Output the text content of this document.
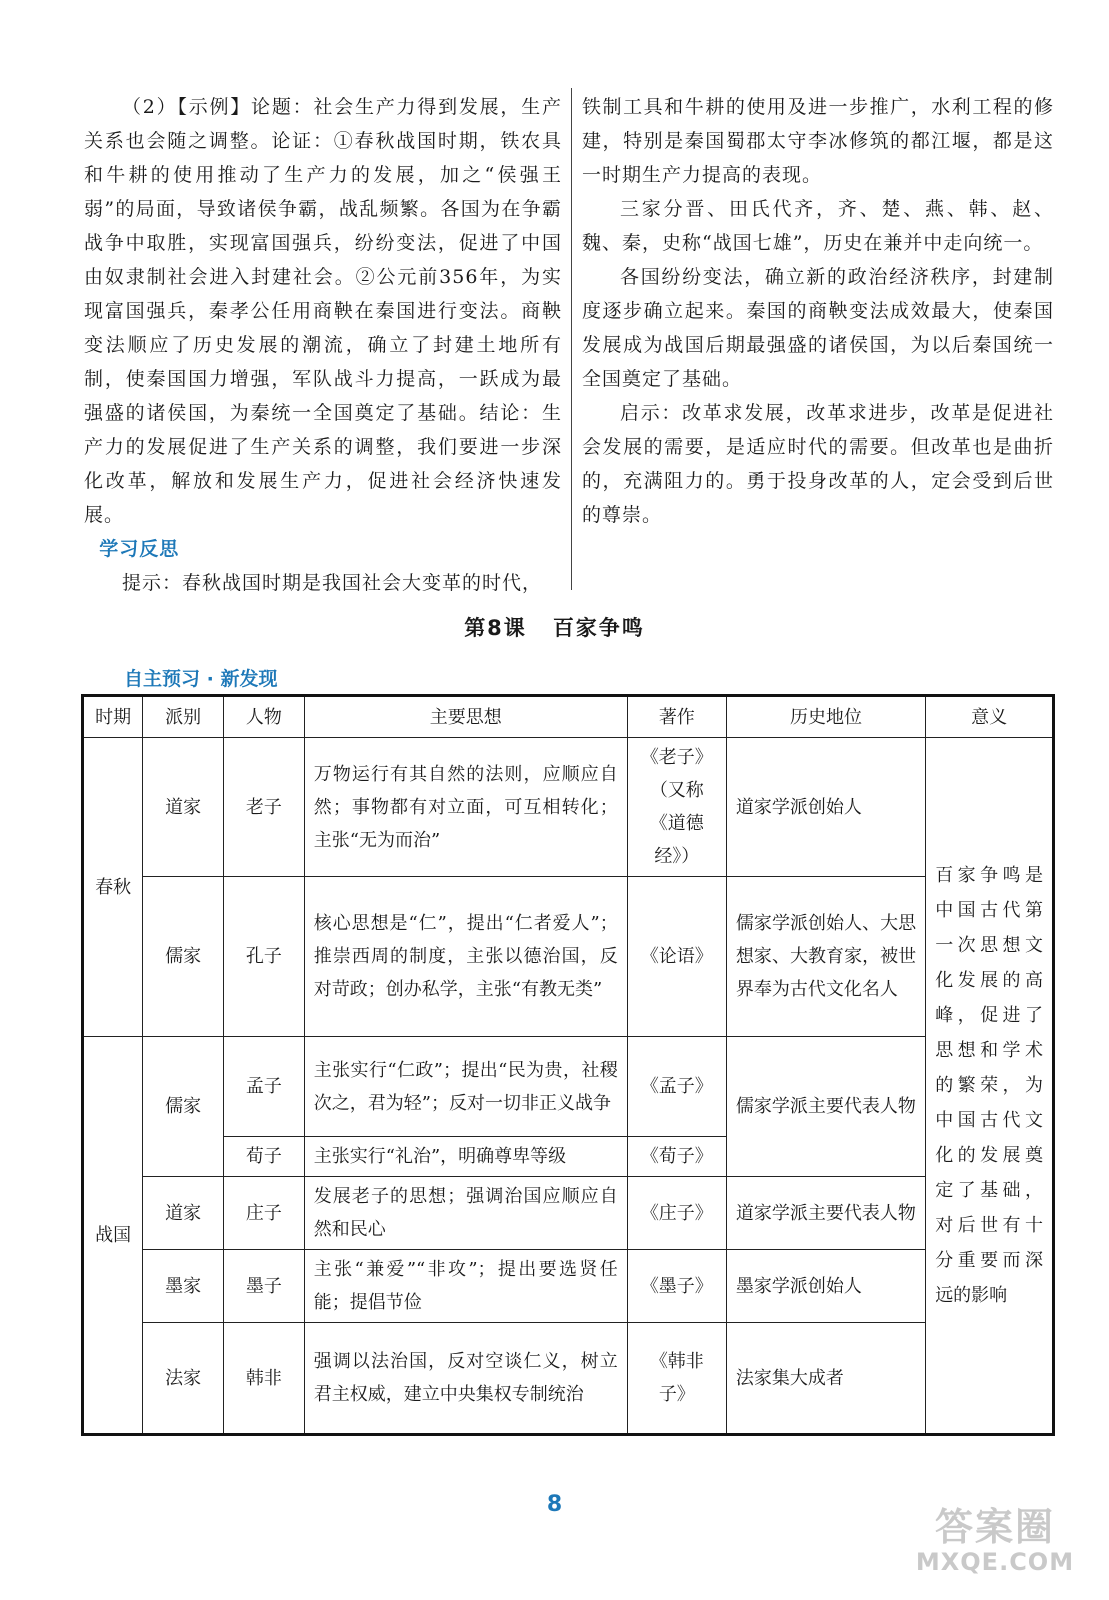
（2）【示例】论题：社会生产力得到发展，生产关系也会随之调整。论证：①春秋战国时期，铁农具和牛耕的使用推动了生产力的发展，加之“侯强王弱”的局面，导致诸侯争霸，战乱频繁。各国为在争霸战争中取胜，实现富国强兵，纷纷变法，促进了中国由奴隶制社会进入封建社会。②公元前356年，为实现富国强兵，秦孝公任用商鞅在秦国进行变法。商鞅变法顺应了历史发展的潮流，确立了封建土地所有制，使秦国国力增强，军队战斗力提高，一跃成为最强盛的诸侯国，为秦统一全国奠定了基础。结论：生产力的发展促进了生产关系的调整，我们要进一步深化改革，解放和发展生产力，促进社会经济快速发展。

学习反思

提示：春秋战国时期是我国社会大变革的时代，

铁制工具和牛耕的使用及进一步推广，水利工程的修建，特别是秦国蜀郡太守李冰修筑的都江堰，都是这一时期生产力提高的表现。

三家分晋、田氏代齐，齐、楚、燕、韩、赵、魏、秦，史称“战国七雄”，历史在兼并中走向统一。

各国纷纷变法，确立新的政治经济秩序，封建制度逐步确立起来。秦国的商鞅变法成效最大，使秦国发展成为战国后期最强盛的诸侯国，为以后秦国统一全国奠定了基础。

启示：改革求发展，改革求进步，改革是促进社会发展的需要，是适应时代的需要。但改革也是曲折的，充满阻力的。勇于投身改革的人，定会受到后世的尊崇。

第8课 百家争鸣
自主预习 · 新发现
时期	派别	人物	主要思想	著作	历史地位	意义
春秋	道家	老子	万物运行有其自然的法则，应顺应自然；事物都有对立面，可互相转化；主张“无为而治”	《老子》（又称《道德经》）	道家学派创始人	百家争鸣是中国古代第一次思想文化发展的高峰，促进了思想和学术的繁荣，为中国古代文化的发展奠定了基础，对后世有十分重要而深远的影响
	儒家	孔子	核心思想是“仁”，提出“仁者爱人”；推崇西周的制度，主张以德治国，反对苛政；创办私学，主张“有教无类”	《论语》	儒家学派创始人、大思想家、大教育家，被世界奉为古代文化名人	
战国	儒家	孟子	主张实行“仁政”；提出“民为贵，社稷次之，君为轻”；反对一切非正义战争	《孟子》	儒家学派主要代表人物	
		荀子	主张实行“礼治”，明确尊卑等级	《荀子》		
	道家	庄子	发展老子的思想；强调治国应顺应自然和民心	《庄子》	道家学派主要代表人物	
	墨家	墨子	主张“兼爱”“非攻”；提出要选贤任能；提倡节俭	《墨子》	墨家学派创始人	
	法家	韩非	强调以法治国，反对空谈仁义，树立君主权威，建立中央集权专制统治	《韩非子》	法家集大成者	
8
答案圈
MXQE.COM
